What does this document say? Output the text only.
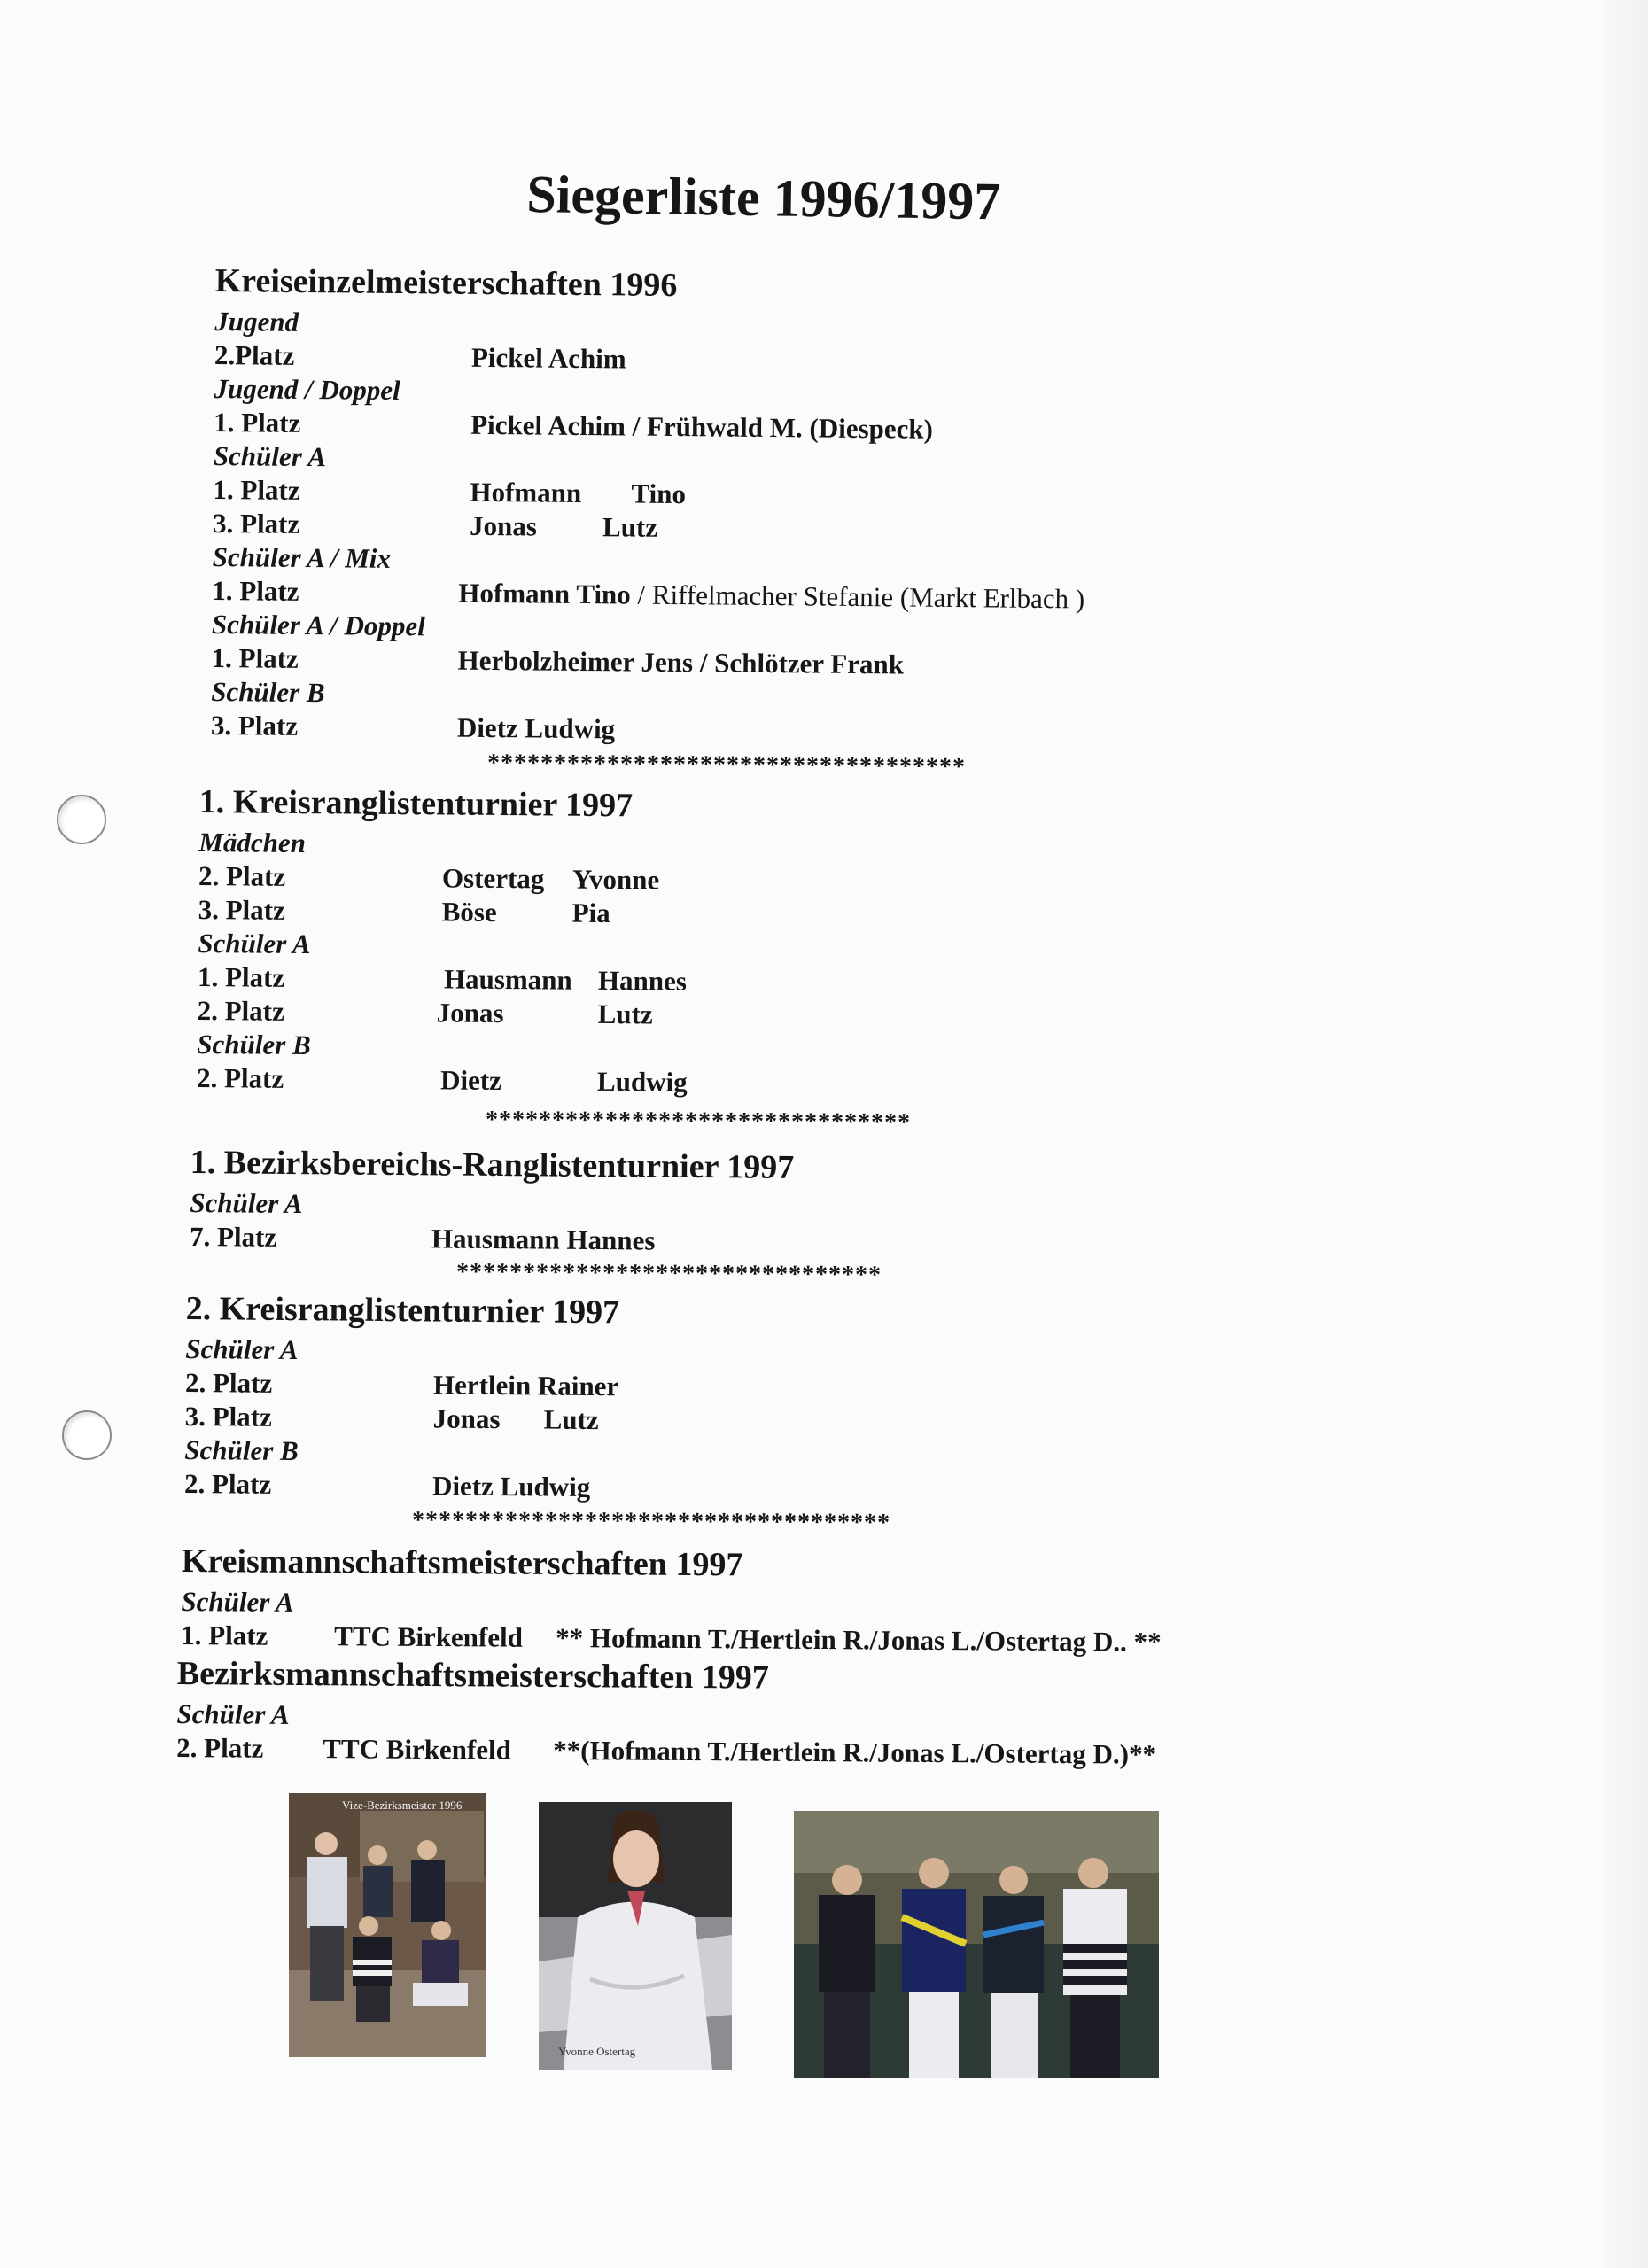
Siegerliste 1996/1997
Kreiseinzelmeisterschaften 1996
Jugend
2.Platz	Pickel Achim
Jugend / Doppel
1. Platz	Pickel Achim / Frühwald M. (Diespeck)
Schüler A
1. Platz	Hofmann Tino
3. Platz	Jonas Lutz
Schüler A / Mix
1. Platz	Hofmann Tino / Riffelmacher Stefanie (Markt Erlbach )
Schüler A / Doppel
1. Platz	Herbolzheimer Jens / Schlötzer Frank
Schüler B
3. Platz	Dietz Ludwig
************************************
1. Kreisranglistenturnier 1997
Mädchen
2. Platz	Ostertag Yvonne
3. Platz	Böse	Pia
Schüler A
1. Platz	Hausmann Hannes
2. Platz	Jonas	Lutz
Schüler B
2. Platz	Dietz	Ludwig
********************************
1. Bezirksbereichs-Ranglistenturnier 1997
Schüler A
7. Platz	Hausmann Hannes
********************************
2. Kreisranglistenturnier 1997
Schüler A
2. Platz	Hertlein Rainer
3. Platz	Jonas Lutz
Schüler B
2. Platz	Dietz Ludwig
************************************
Kreismannschaftsmeisterschaften 1997
Schüler A
1. Platz TTC Birkenfeld ** Hofmann T./Hertlein R./Jonas L./Ostertag D.. **
Bezirksmannschaftsmeisterschaften 1997
Schüler A
2. Platz TTC Birkenfeld **(Hofmann T./Hertlein R./Jonas L./Ostertag D.)**
Vize-Bezirksmeister 1996
Yvonne Ostertag
